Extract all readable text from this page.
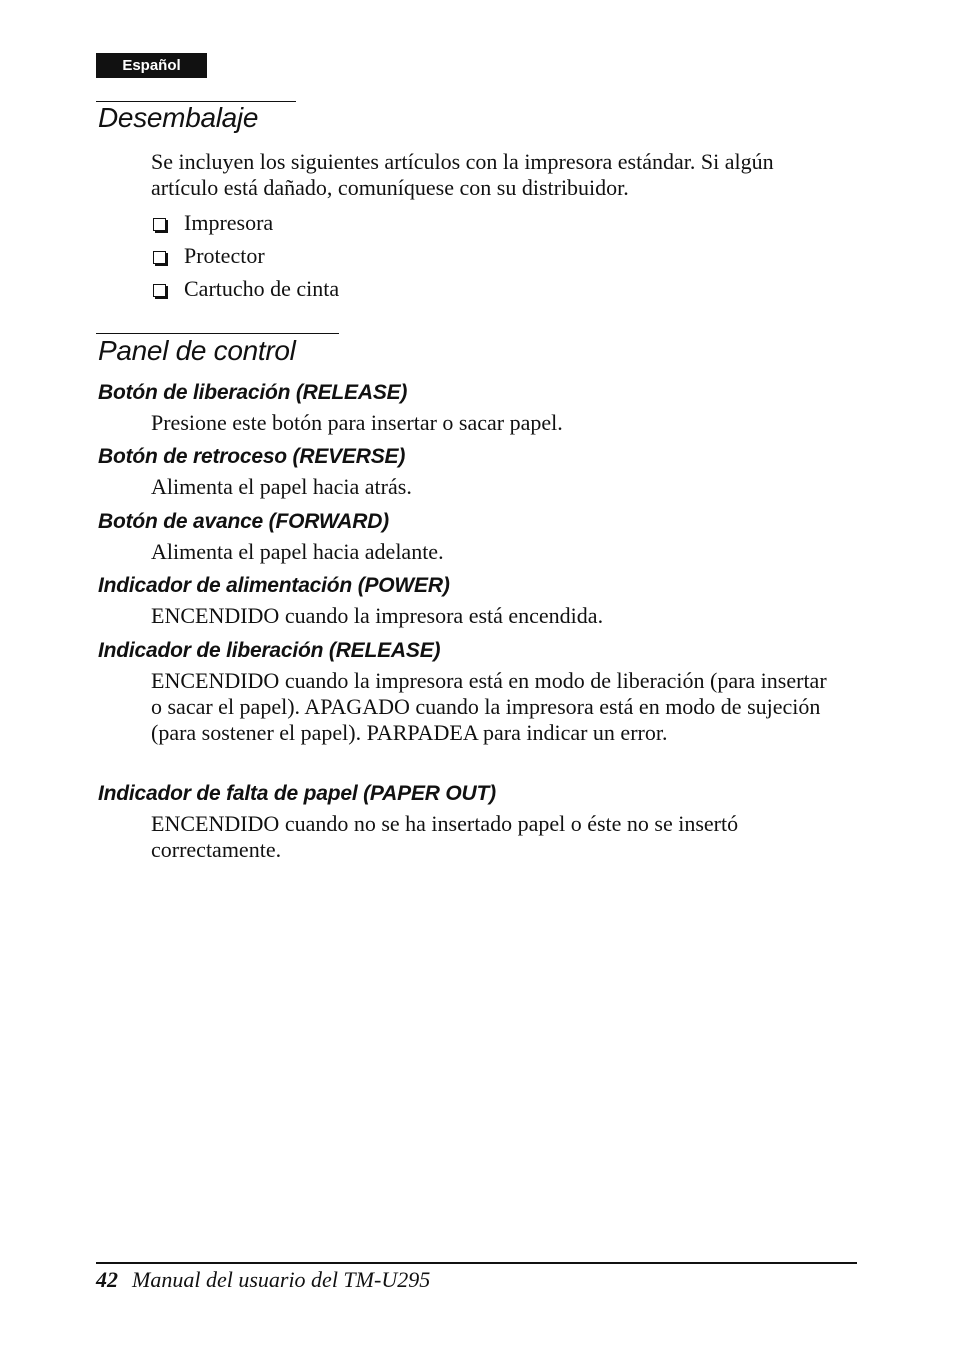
Español
Desembalaje

Se incluyen los siguientes artículos con la impresora estándar. Si algún artículo está dañado, comuníquese con su distribuidor.

Impresora
Protector
Cartucho de cinta
Panel de control
Botón de liberación (RELEASE)

Presione este botón para insertar o sacar papel.

Botón de retroceso (REVERSE)

Alimenta el papel hacia atrás.

Botón de avance (FORWARD)

Alimenta el papel hacia adelante.

Indicador de alimentación (POWER)

ENCENDIDO cuando la impresora está encendida.

Indicador de liberación (RELEASE)

ENCENDIDO cuando la impresora está en modo de liberación (para insertar o sacar el papel). APAGADO cuando la impresora está en modo de sujeción (para sostener el papel). PARPADEA para indicar un error.

Indicador de falta de papel (PAPER OUT)

ENCENDIDO cuando no se ha insertado papel o éste no se insertó correctamente.

42 Manual del usuario del TM-U295
